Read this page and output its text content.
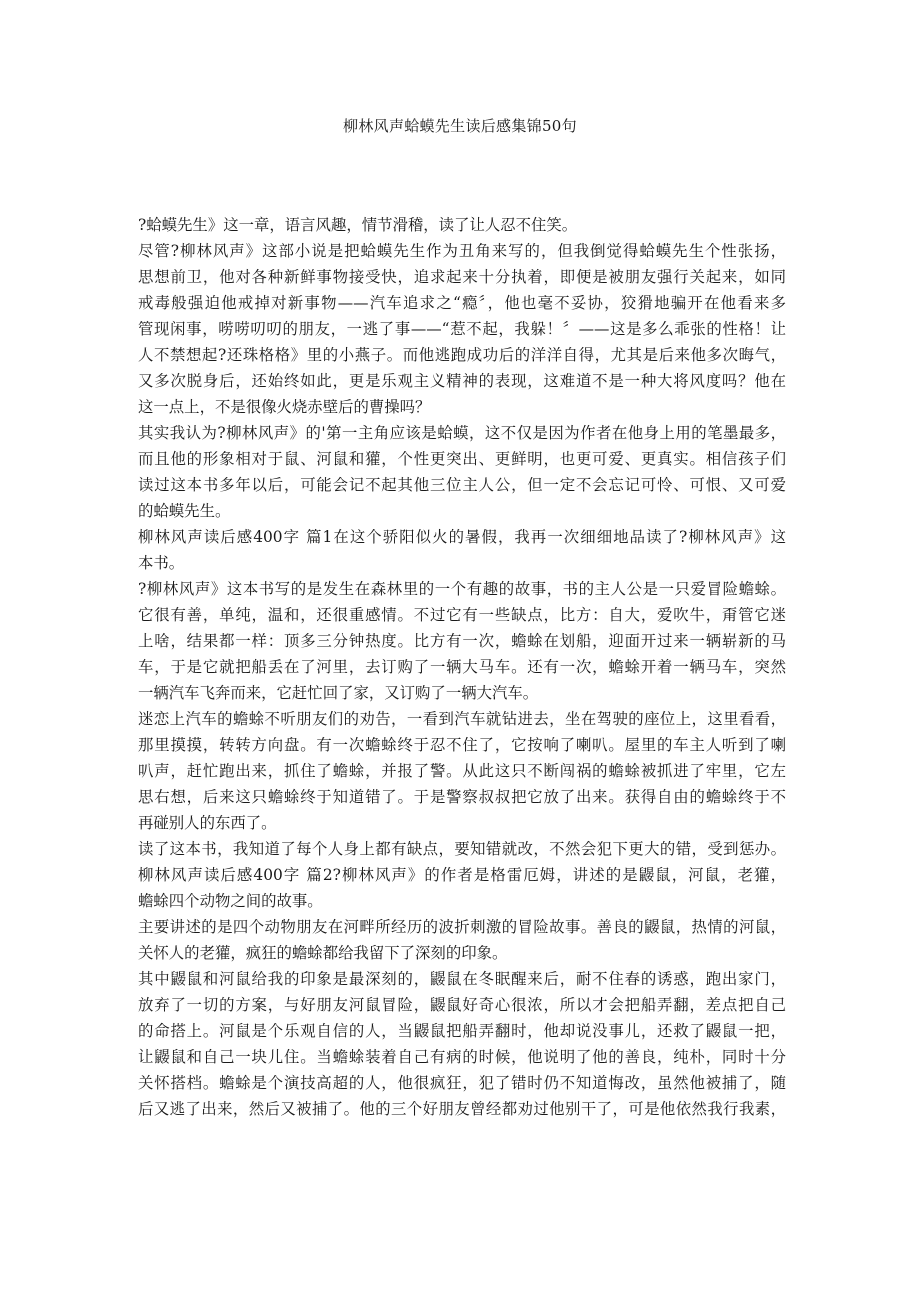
柳林风声蛤蟆先生读后感集锦50句
?蛤蟆先生》这一章，语言风趣，情节滑稽，读了让人忍不住笑。
尽管?柳林风声》这部小说是把蛤蟆先生作为丑角来写的，但我倒觉得蛤蟆先生个性张扬，
思想前卫，他对各种新鲜事物接受快，追求起来十分执着，即便是被朋友强行关起来，如同
戒毒般强迫他戒掉对新事物——汽车追求之“瘾〞，他也毫不妥协，狡猾地骗开在他看来多
管现闲事，唠唠叨叨的朋友，一逃了事——“惹不起，我躲！〞——这是多么乖张的性格！让
人不禁想起?还珠格格》里的小燕子。而他逃跑成功后的洋洋自得，尤其是后来他多次晦气，
又多次脱身后，还始终如此，更是乐观主义精神的表现，这难道不是一种大将风度吗？他在
这一点上，不是很像火烧赤壁后的曹操吗？
其实我认为?柳林风声》的'第一主角应该是蛤蟆，这不仅是因为作者在他身上用的笔墨最多，
而且他的形象相对于鼠、河鼠和獾，个性更突出、更鲜明，也更可爱、更真实。相信孩子们
读过这本书多年以后，可能会记不起其他三位主人公，但一定不会忘记可怜、可恨、又可爱
的蛤蟆先生。
柳林风声读后感400字 篇1在这个骄阳似火的暑假，我再一次细细地品读了?柳林风声》这
本书。
?柳林风声》这本书写的是发生在森林里的一个有趣的故事，书的主人公是一只爱冒险蟾蜍。
它很有善，单纯，温和，还很重感情。不过它有一些缺点，比方：自大，爱吹牛，甭管它迷
上啥，结果都一样：顶多三分钟热度。比方有一次，蟾蜍在划船，迎面开过来一辆崭新的马
车，于是它就把船丢在了河里，去订购了一辆大马车。还有一次，蟾蜍开着一辆马车，突然
一辆汽车飞奔而来，它赶忙回了家，又订购了一辆大汽车。
迷恋上汽车的蟾蜍不听朋友们的劝告，一看到汽车就钻进去，坐在驾驶的座位上，这里看看，
那里摸摸，转转方向盘。有一次蟾蜍终于忍不住了，它按响了喇叭。屋里的车主人听到了喇
叭声，赶忙跑出来，抓住了蟾蜍，并报了警。从此这只不断闯祸的蟾蜍被抓进了牢里，它左
思右想，后来这只蟾蜍终于知道错了。于是警察叔叔把它放了出来。获得自由的蟾蜍终于不
再碰别人的东西了。
读了这本书，我知道了每个人身上都有缺点，要知错就改，不然会犯下更大的错，受到惩办。
柳林风声读后感400字 篇2?柳林风声》的作者是格雷厄姆，讲述的是鼹鼠，河鼠，老獾，
蟾蜍四个动物之间的故事。
主要讲述的是四个动物朋友在河畔所经历的波折刺激的冒险故事。善良的鼹鼠，热情的河鼠，
关怀人的老獾，疯狂的蟾蜍都给我留下了深刻的印象。
其中鼹鼠和河鼠给我的印象是最深刻的，鼹鼠在冬眠醒来后，耐不住春的诱惑，跑出家门，
放弃了一切的方案，与好朋友河鼠冒险，鼹鼠好奇心很浓，所以才会把船弄翻，差点把自己
的命搭上。河鼠是个乐观自信的人，当鼹鼠把船弄翻时，他却说没事儿，还救了鼹鼠一把，
让鼹鼠和自己一块儿住。当蟾蜍装着自己有病的时候，他说明了他的善良，纯朴，同时十分
关怀搭档。蟾蜍是个演技高超的人，他很疯狂，犯了错时仍不知道悔改，虽然他被捕了，随
后又逃了出来，然后又被捕了。他的三个好朋友曾经都劝过他别干了，可是他依然我行我素，
